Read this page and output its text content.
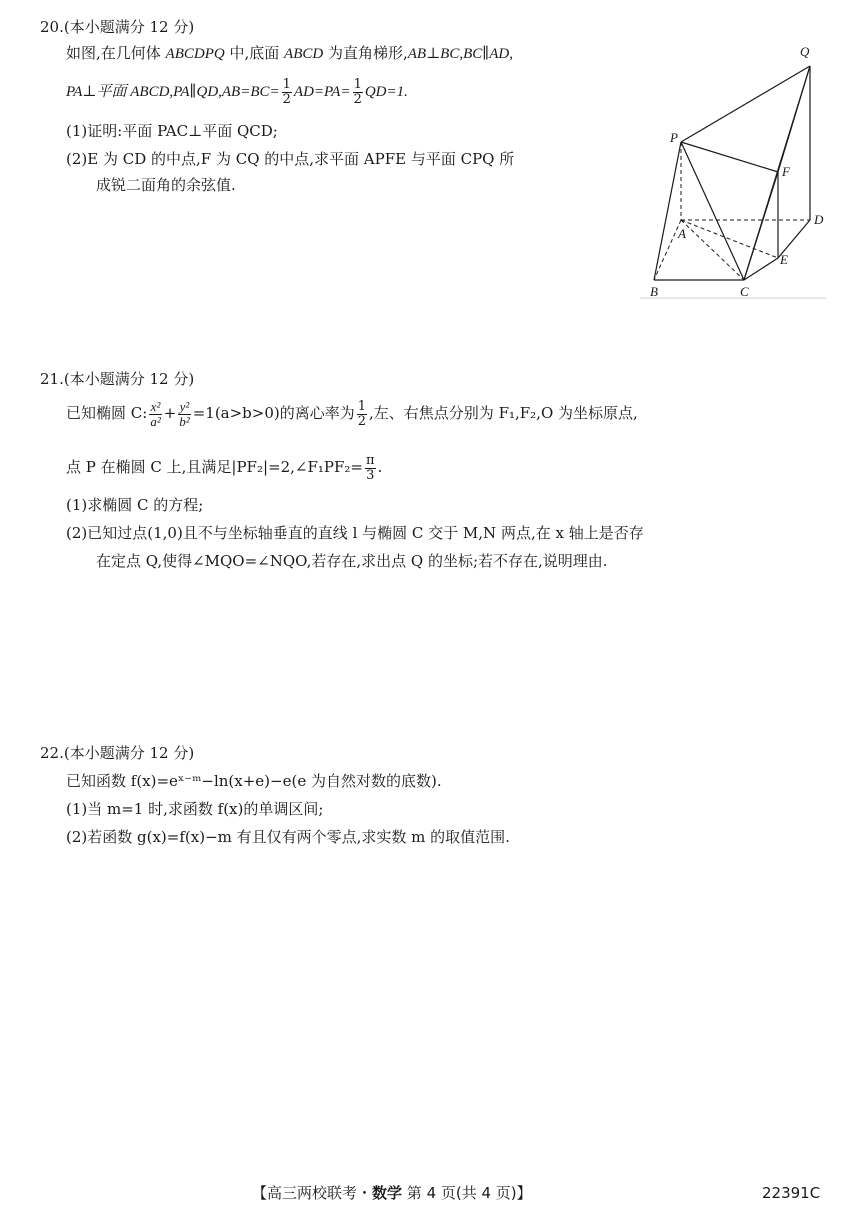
20.(本小题满分 12 分)
如图,在几何体 ABCDPQ 中,底面 ABCD 为直角梯形,AB⊥BC,BC∥AD,
PA⊥平面 ABCD,PA∥QD,AB=BC= $\frac{1}{2} AD=PA= \frac{1}{2} QD=1$.
(1)证明:平面 PAC⊥平面 QCD;
(2)E 为 CD 的中点,F 为 CQ 的中点,求平面 APFE 与平面 CPQ 所
成锐二面角的余弦值.
Q
P
F
A
D
E
B	C
21.(本小题满分 12 分)
已知椭圆 C: $\frac{\text{x²}}{\text{a²}} + \frac{\text{y²}}{\text{b²}} =1(a>b>0)$的离心率为 $\frac{1}{2}$ ,左、右焦点分别为 F₁,F₂,O 为坐标原点,
点 P 在椭圆 C 上,且满足|PF₂|=2,∠F₁PF₂= $\frac{\pi}{3}$ .
(1)求椭圆 C 的方程;
(2)已知过点(1,0)且不与坐标轴垂直的直线 l 与椭圆 C 交于 M,N 两点,在 x 轴上是否存
在定点 Q,使得∠MQO=∠NQO,若存在,求出点 Q 的坐标;若不存在,说明理由.
22.(本小题满分 12 分)
已知函数 f(x)=eˣ⁻ᵐ−ln(x+e)−e(e 为自然对数的底数).
(1)当 m=1 时,求函数 f(x)的单调区间;
(2)若函数 g(x)=f(x)−m 有且仅有两个零点,求实数 m 的取值范围.
【高三两校联考・数学 第 4 页(共 4 页)】	22391C
